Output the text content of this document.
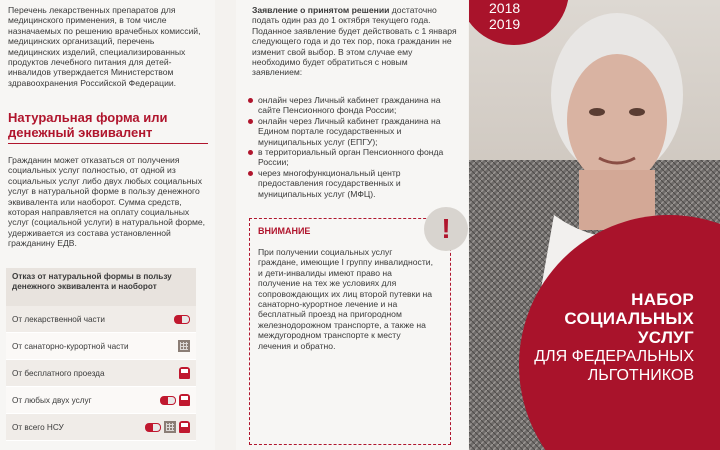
Перечень лекарственных препаратов для медицинского применения, в том числе назначаемых по решению врачебных комиссий, медицинских организаций, перечень медицинских изделий, специализированных продуктов лечебного питания для детей-инвалидов утверждается Министерством здравоохранения Российской Федерации.

Натуральная форма или денежный эквивалент

Гражданин может отказаться от получения социальных услуг полностью, от одной из социальных услуг либо двух любых социальных услуг в натуральной форме в пользу денежного эквивалента или наоборот. Сумма средств, которая направляется на оплату социальных услуг (социальной услуги) в натуральной форме, удерживается из состава установленной гражданину ЕДВ.

Отказ от натуральной формы в пользу денежного эквивалента и наоборот
От лекарственной части
От санаторно-курортной части
От бесплатного проезда
От любых двух услуг
От всего НСУ

Заявление о принятом решении достаточно подать один раз до 1 октября текущего года. Поданное заявление будет действовать с 1 января следующего года и до тех пор, пока гражданин не изменит свой выбор. В этом случае ему необходимо будет обратиться с новым заявлением:

онлайн через Личный кабинет гражданина на сайте Пенсионного фонда России;
онлайн через Личный кабинет гражданина на Едином портале государственных и муниципальных услуг (ЕПГУ);
в территориальный орган Пенсионного фонда России;
через многофункциональный центр предоставления государственных и муниципальных услуг (МФЦ).
ВНИМАНИЕ	!

При получении социальных услуг граждане, имеющие I группу инвалидности, и дети-инвалиды имеют право на получение на тех же условиях для сопровождающих их лиц второй путевки на санаторно-курортное лечение и на бесплатный проезд на пригородном железнодорожном транспорте, а также на междугородном транспорте к месту лечения и обратно.

2018
2019
НАБОР
СОЦИАЛЬНЫХ
УСЛУГ
ДЛЯ ФЕДЕРАЛЬНЫХ
ЛЬГОТНИКОВ
